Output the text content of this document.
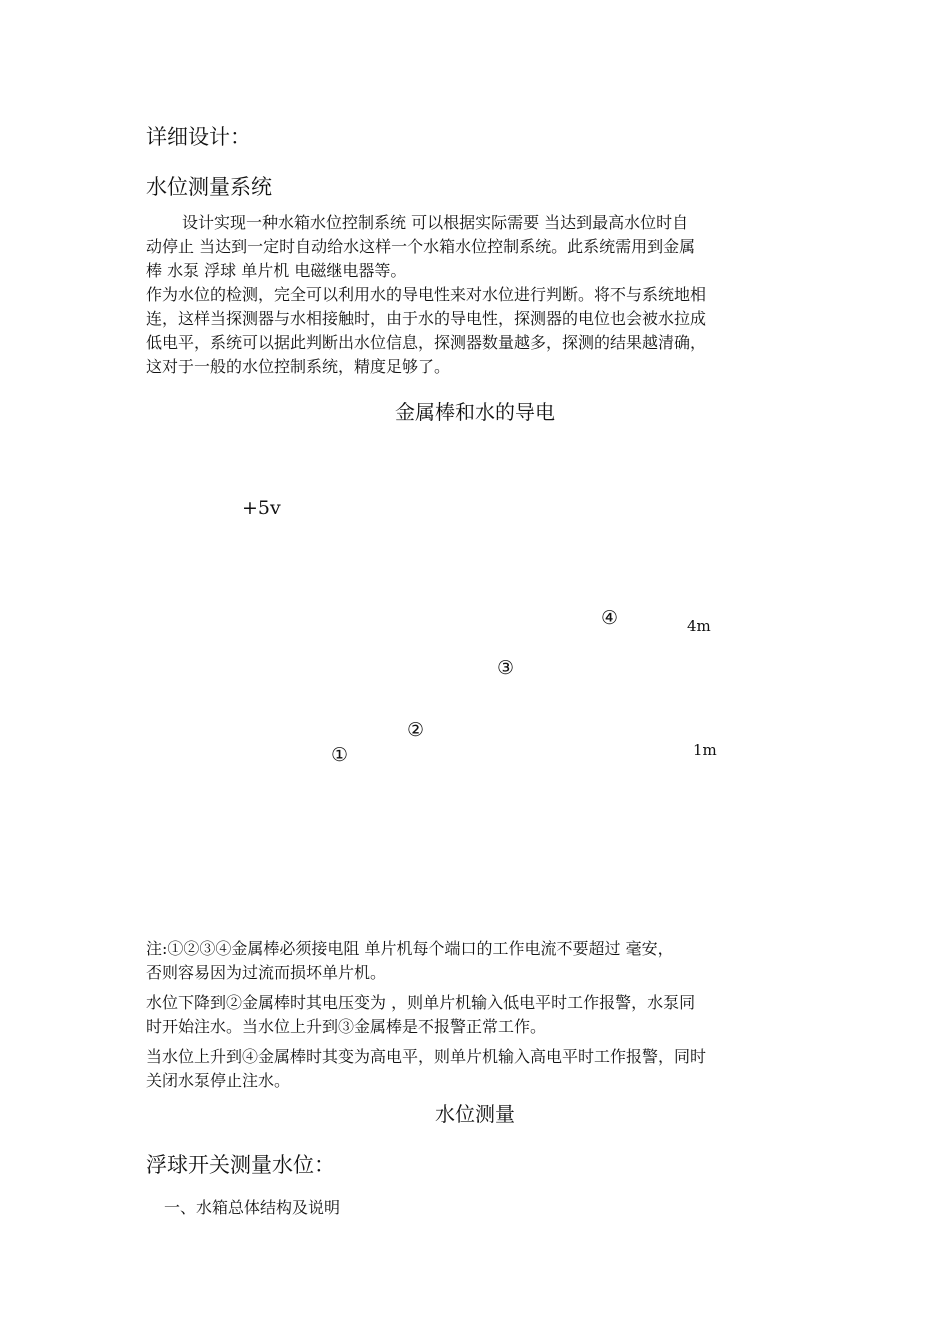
详细设计：
水位测量系统
设计实现一种水箱水位控制系统 可以根据实际需要 当达到最高水位时自
动停止 当达到一定时自动给水这样一个水箱水位控制系统。此系统需用到金属
棒 水泵 浮球 单片机 电磁继电器等。
作为水位的检测，完全可以利用水的导电性来对水位进行判断。将不与系统地相
连，这样当探测器与水相接触时，由于水的导电性，探测器的电位也会被水拉成
低电平，系统可以据此判断出水位信息，探测器数量越多，探测的结果越清确，
这对于一般的水位控制系统，精度足够了。
金属棒和水的导电
+5v
④	4m
③
②
1m
①
注:①②③④金属棒必须接电阻 单片机每个端口的工作电流不要超过 毫安，
否则容易因为过流而损坏单片机。
水位下降到②金属棒时其电压变为 ，则单片机输入低电平时工作报警，水泵同
时开始注水。当水位上升到③金属棒是不报警正常工作。
当水位上升到④金属棒时其变为高电平，则单片机输入高电平时工作报警，同时
关闭水泵停止注水。
水位测量
浮球开关测量水位：
一、水箱总体结构及说明
